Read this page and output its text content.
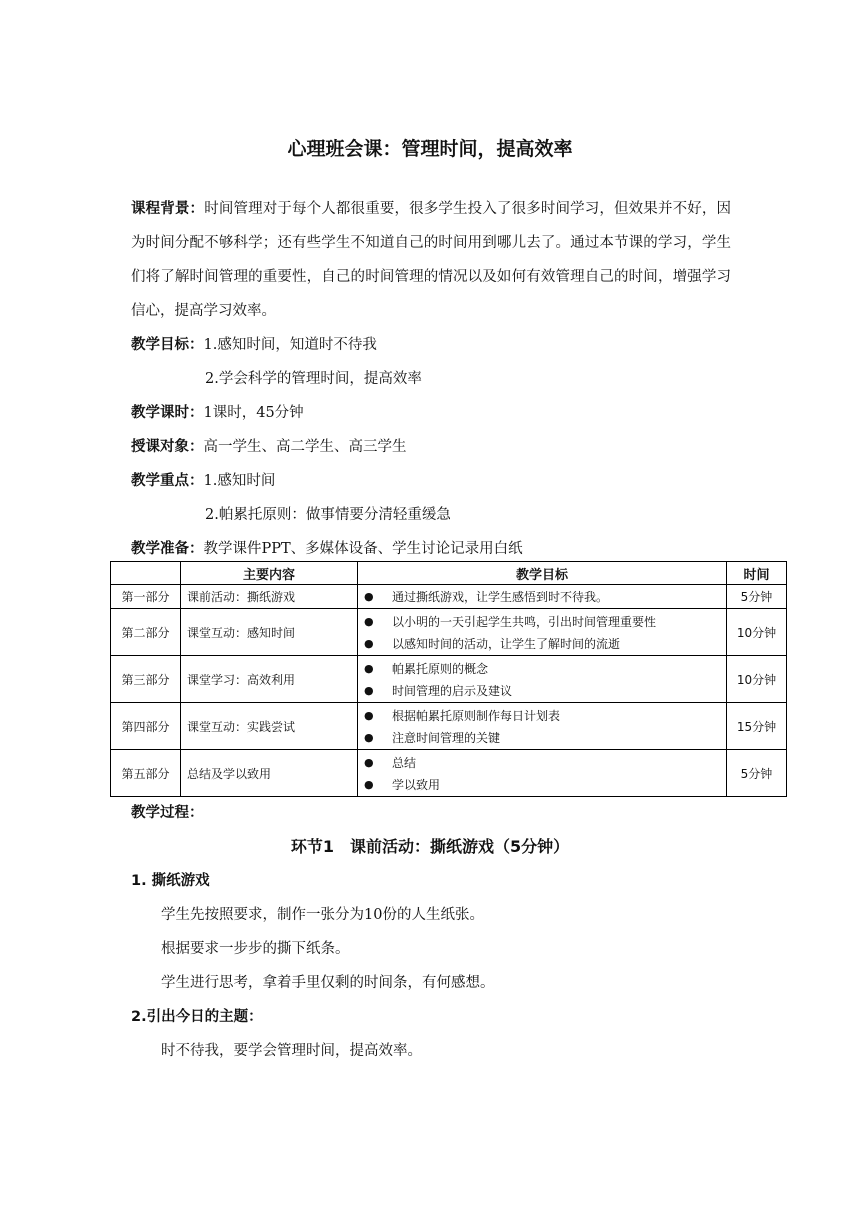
心理班会课：管理时间，提高效率
课程背景：时间管理对于每个人都很重要，很多学生投入了很多时间学习，但效果并不好，因为时间分配不够科学；还有些学生不知道自己的时间用到哪儿去了。通过本节课的学习，学生们将了解时间管理的重要性，自己的时间管理的情况以及如何有效管理自己的时间，增强学习信心，提高学习效率。
教学目标：1.感知时间，知道时不待我
2.学会科学的管理时间，提高效率
教学课时：1课时，45分钟
授课对象：高一学生、高二学生、高三学生
教学重点：1.感知时间
2.帕累托原则：做事情要分清轻重缓急
教学准备：教学课件PPT、多媒体设备、学生讨论记录用白纸
	主要内容	教学目标	时间
第一部分	课前活动：撕纸游戏	● 通过撕纸游戏，让学生感悟到时不待我。	5分钟
第二部分	课堂互动：感知时间	● 以小明的一天引起学生共鸣，引出时间管理重要性
● 以感知时间的活动，让学生了解时间的流逝	10分钟
第三部分	课堂学习：高效利用	● 帕累托原则的概念
● 时间管理的启示及建议	10分钟
第四部分	课堂互动：实践尝试	● 根据帕累托原则制作每日计划表
● 注意时间管理的关键	15分钟
第五部分	总结及学以致用	● 总结
● 学以致用	5分钟
教学过程：
环节1　课前活动：撕纸游戏（5分钟）
1. 撕纸游戏
学生先按照要求，制作一张分为10份的人生纸张。
根据要求一步步的撕下纸条。
学生进行思考，拿着手里仅剩的时间条，有何感想。
2.引出今日的主题：
时不待我，要学会管理时间，提高效率。
